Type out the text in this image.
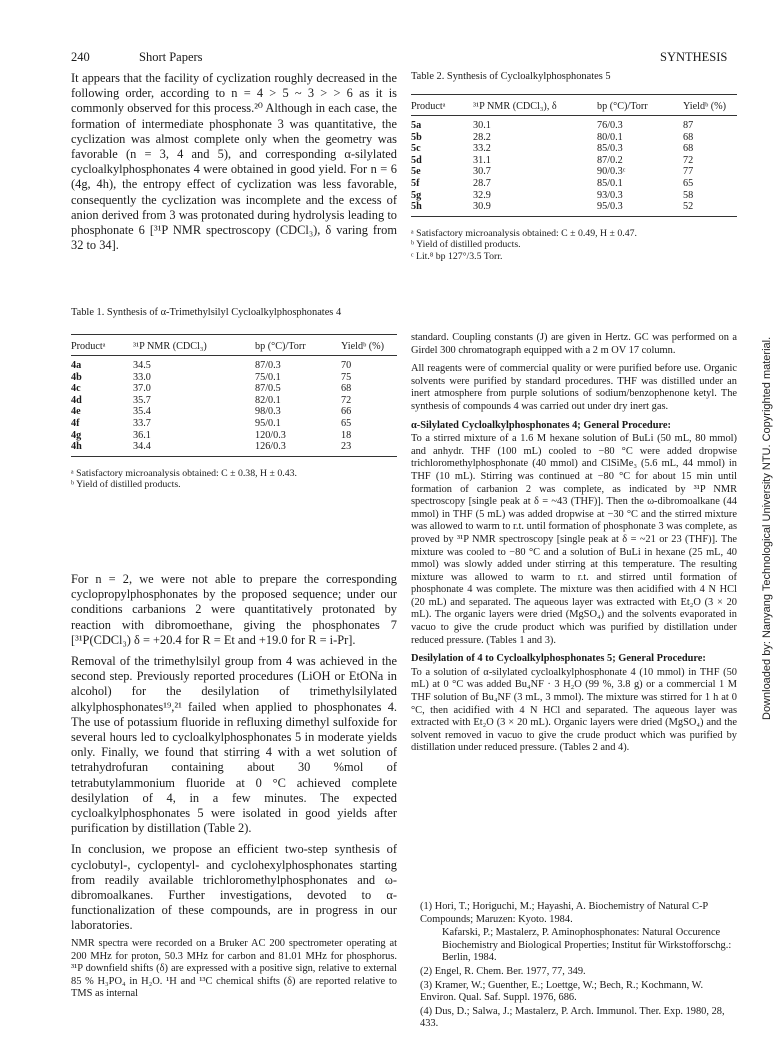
240	Short Papers	SYNTHESIS

It appears that the facility of cyclization roughly decreased in the following order, according to n = 4 > 5 ~ 3 > > 6 as it is commonly observed for this process.²⁰ Although in each case, the formation of intermediate phosphonate 3 was quantitative, the cyclization was almost complete only when the geometry was favorable (n = 3, 4 and 5), and corresponding α-silylated cycloalkylphosphonates 4 were obtained in good yield. For n = 6 (4g, 4h), the entropy effect of cyclization was less favorable, consequently the cyclization was incomplete and the excess of anion derived from 3 was protonated during hydrolysis leading to phosphonate 6 [³¹P NMR spectroscopy (CDCl₃), δ varing from 32 to 34].

Table 1. Synthesis of α-Trimethylsilyl Cycloalkylphosphonates 4
Productᵃ	³¹P NMR (CDCl₃)	bp (°C)/Torr	Yieldᵇ (%)
4a	34.5	87/0.3	70
4b	33.0	75/0.1	75
4c	37.0	87/0.5	68
4d	35.7	82/0.1	72
4e	35.4	98/0.3	66
4f	33.7	95/0.1	65
4g	36.1	120/0.3	18
4h	34.4	126/0.3	23
ᵃ Satisfactory microanalysis obtained: C ± 0.38, H ± 0.43.
ᵇ Yield of distilled products.

For n = 2, we were not able to prepare the corresponding cyclopropylphosphonates by the proposed sequence; under our conditions carbanions 2 were quantitatively protonated by reaction with dibromoethane, giving the phosphonates 7 [³¹P(CDCl₃) δ = +20.4 for R = Et and +19.0 for R = i-Pr].

Removal of the trimethylsilyl group from 4 was achieved in the second step. Previously reported procedures (LiOH or EtONa in alcohol) for the desilylation of trimethylsilylated alkylphosphonates¹⁹,²¹ failed when applied to phosphonates 4. The use of potassium fluoride in refluxing dimethyl sulfoxide for several hours led to cycloalkylphosphonates 5 in moderate yields only. Finally, we found that stirring 4 with a wet solution of tetrahydrofuran containing about 30 %mol of tetrabutylammonium fluoride at 0 °C achieved complete desilylation of 4, in a few minutes. The expected cycloalkylphosphonates 5 were isolated in good yields after purification by distillation (Table 2).

In conclusion, we propose an efficient two-step synthesis of cyclobutyl-, cyclopentyl- and cyclohexylphosphonates starting from readily available trichloromethylphosphonates and ω-dibromoalkanes. Further investigations, devoted to α-functionalization of these compounds, are in progress in our laboratories.

NMR spectra were recorded on a Bruker AC 200 spectrometer operating at 200 MHz for proton, 50.3 MHz for carbon and 81.01 MHz for phosphorus. ³¹P downfield shifts (δ) are expressed with a positive sign, relative to external 85 % H₃PO₄ in H₂O. ¹H and ¹³C chemical shifts (δ) are reported relative to TMS as internal
Table 2. Synthesis of Cycloalkylphosphonates 5
Productᵃ	³¹P NMR (CDCl₃), δ	bp (°C)/Torr	Yieldᵇ (%)
5a	30.1	76/0.3	87
5b	28.2	80/0.1	68
5c	33.2	85/0.3	68
5d	31.1	87/0.2	72
5e	30.7	90/0.3ᶜ	77
5f	28.7	85/0.1	65
5g	32.9	93/0.3	58
5h	30.9	95/0.3	52
ᵃ Satisfactory microanalysis obtained: C ± 0.49, H ± 0.47.
ᵇ Yield of distilled products.
ᶜ Lit.⁸ bp 127°/3.5 Torr.

standard. Coupling constants (J) are given in Hertz. GC was performed on a Girdel 300 chromatograph equipped with a 2 m OV 17 column.

All reagents were of commercial quality or were purified before use. Organic solvents were purified by standard procedures. THF was distilled under an inert atmosphere from purple solutions of sodium/benzophenone ketyl. The synthesis of compounds 4 was carried out under dry inert gas.

α-Silylated Cycloalkylphosphonates 4; General Procedure:

To a stirred mixture of a 1.6 M hexane solution of BuLi (50 mL, 80 mmol) and anhydr. THF (100 mL) cooled to −80 °C were added dropwise trichloromethylphosphonate (40 mmol) and ClSiMe₃ (5.6 mL, 44 mmol) in THF (10 mL). Stirring was continued at −80 °C for about 15 min until formation of carbanion 2 was complete, as indicated by ³¹P NMR spectroscopy [single peak at δ = ~43 (THF)]. Then the ω-dibromoalkane (44 mmol) in THF (5 mL) was added dropwise at −30 °C and the stirred mixture was allowed to warm to r.t. until formation of phosphonate 3 was complete, as proved by ³¹P NMR spectroscopy [single peak at δ = ~21 or 23 (THF)]. The mixture was cooled to −80 °C and a solution of BuLi in hexane (25 mL, 40 mmol) was slowly added under stirring at this temperature. The resulting mixture was allowed to warm to r.t. and stirred until formation of phosphonate 4 was complete. The mixture was then acidified with 4 N HCl (20 mL) and separated. The aqueous layer was extracted with Et₂O (3 × 20 mL). The organic layers were dried (MgSO₄) and the solvents evaporated in vacuo to give the crude product which was purified by distillation under reduced pressure. (Tables 1 and 3).

Desilylation of 4 to Cycloalkylphosphonates 5; General Procedure:

To a solution of α-silylated cycloalkylphosphonate 4 (10 mmol) in THF (50 mL) at 0 °C was added Bu₄NF · 3 H₂O (99 %, 3.8 g) or a commercial 1 M THF solution of Bu₄NF (3 mL, 3 mmol). The mixture was stirred for 1 h at 0 °C, then acidified with 4 N HCl and separated. The aqueous layer was extracted with Et₂O (3 × 20 mL). Organic layers were dried (MgSO₄) and the solvent removed in vacuo to give the crude product which was purified by distillation under reduced pressure. (Tables 2 and 4).

(1) Hori, T.; Horiguchi, M.; Hayashi, A. Biochemistry of Natural C-P Compounds; Maruzen: Kyoto. 1984.
Kafarski, P.; Mastalerz, P. Aminophosphonates: Natural Occurence Biochemistry and Biological Properties; Institut für Wirkstofforschg.: Berlin, 1984.
(2) Engel, R. Chem. Ber. 1977, 77, 349.
(3) Kramer, W.; Guenther, E.; Loettge, W.; Bech, R.; Kochmann, W. Environ. Qual. Saf. Suppl. 1976, 686.
(4) Dus, D.; Salwa, J.; Mastalerz, P. Arch. Immunol. Ther. Exp. 1980, 28, 433.
Downloaded by: Nanyang Technological University NTU. Copyrighted material.
